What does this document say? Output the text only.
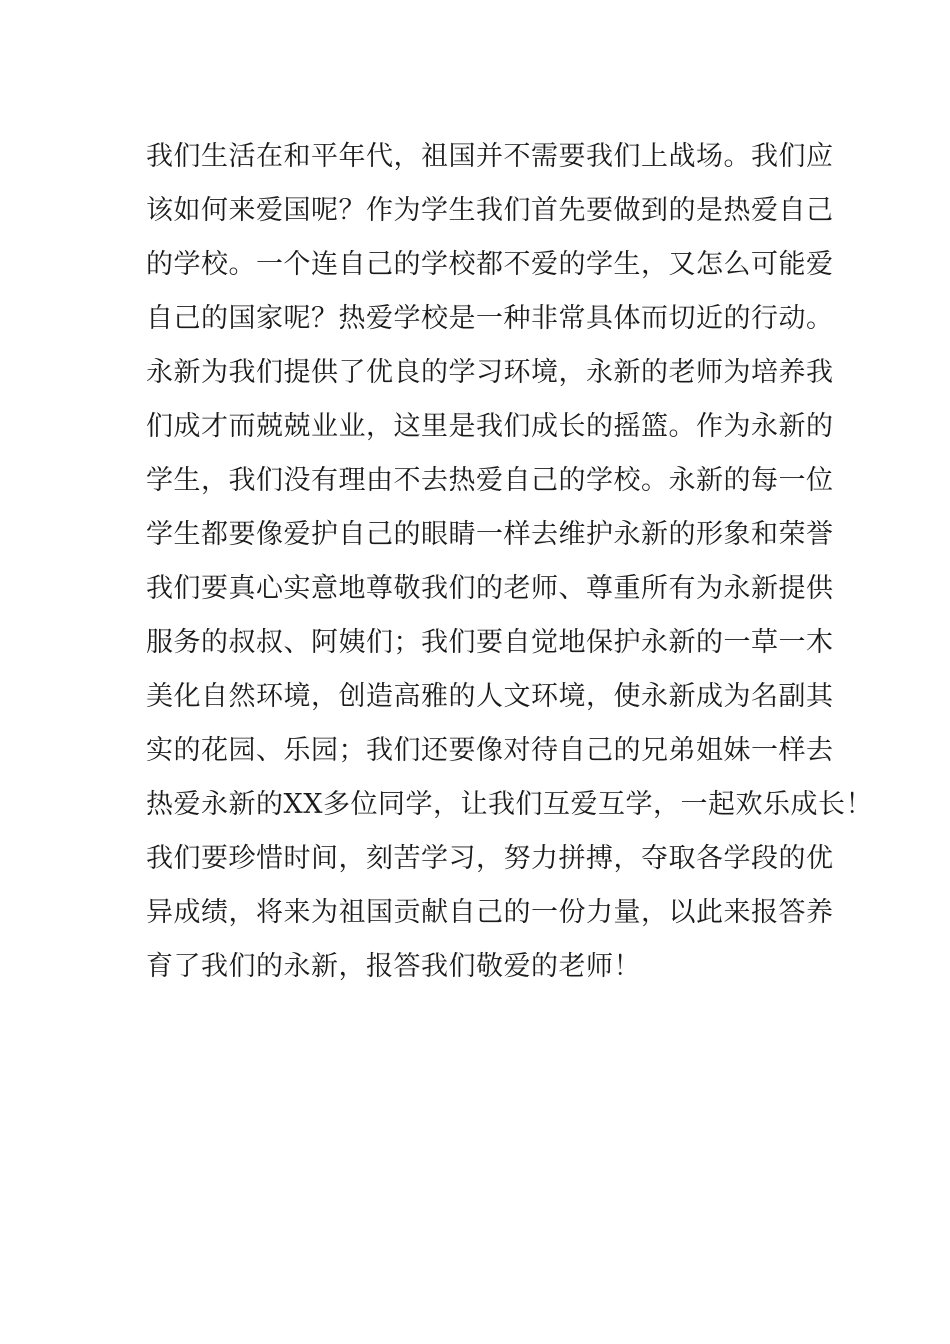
我们生活在和平年代，祖国并不需要我们上战场。我们应
该如何来爱国呢？作为学生我们首先要做到的是热爱自己
的学校。一个连自己的学校都不爱的学生，又怎么可能爱
自己的国家呢？热爱学校是一种非常具体而切近的行动。
永新为我们提供了优良的学习环境，永新的老师为培养我
们成才而兢兢业业，这里是我们成长的摇篮。作为永新的
学生，我们没有理由不去热爱自己的学校。永新的每一位
学生都要像爱护自己的眼睛一样去维护永新的形象和荣誉
我们要真心实意地尊敬我们的老师、尊重所有为永新提供
服务的叔叔、阿姨们；我们要自觉地保护永新的一草一木
美化自然环境，创造高雅的人文环境，使永新成为名副其
实的花园、乐园；我们还要像对待自己的兄弟姐妹一样去
热爱永新的XX多位同学，让我们互爱互学，一起欢乐成长！
我们要珍惜时间，刻苦学习，努力拼搏，夺取各学段的优
异成绩，将来为祖国贡献自己的一份力量，以此来报答养
育了我们的永新，报答我们敬爱的老师！
